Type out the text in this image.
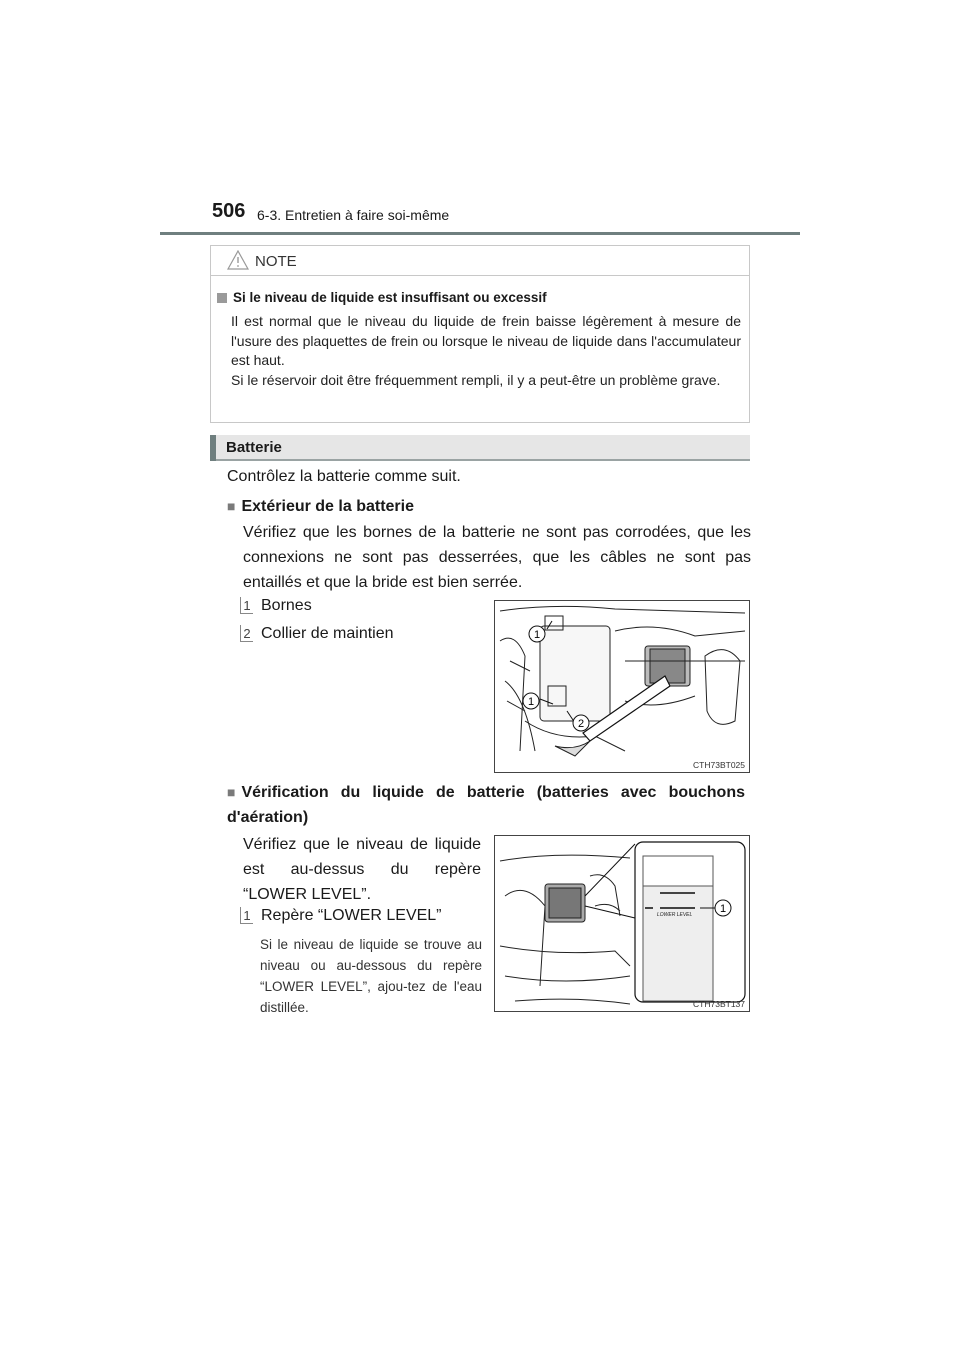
506 6-3. Entretien à faire soi-même
NOTE
Si le niveau de liquide est insuffisant ou excessif
Il est normal que le niveau du liquide de frein baisse légèrement à mesure de l'usure des plaquettes de frein ou lorsque le niveau de liquide dans l'accumulateur est haut.
Si le réservoir doit être fréquemment rempli, il y a peut-être un problème grave.
Batterie
Contrôlez la batterie comme suit.
■ Extérieur de la batterie
Vérifiez que les bornes de la batterie ne sont pas corrodées, que les connexions ne sont pas desserrées, que les câbles ne sont pas entaillés et que la bride est bien serrée.
1 Bornes
2 Collier de maintien	1
1
2
CTH73BT025
■ Vérification du liquide de batterie (batteries avec bouchons d'aération)
Vérifiez que le niveau de liquide est au-dessus du repère “LOWER LEVEL”.
1 Repère “LOWER LEVEL”
Si le niveau de liquide se trouve au niveau ou au-dessous du repère “LOWER LEVEL”, ajou-tez de l'eau distillée.
LOWER LEVEL	1
CTH73BT137
